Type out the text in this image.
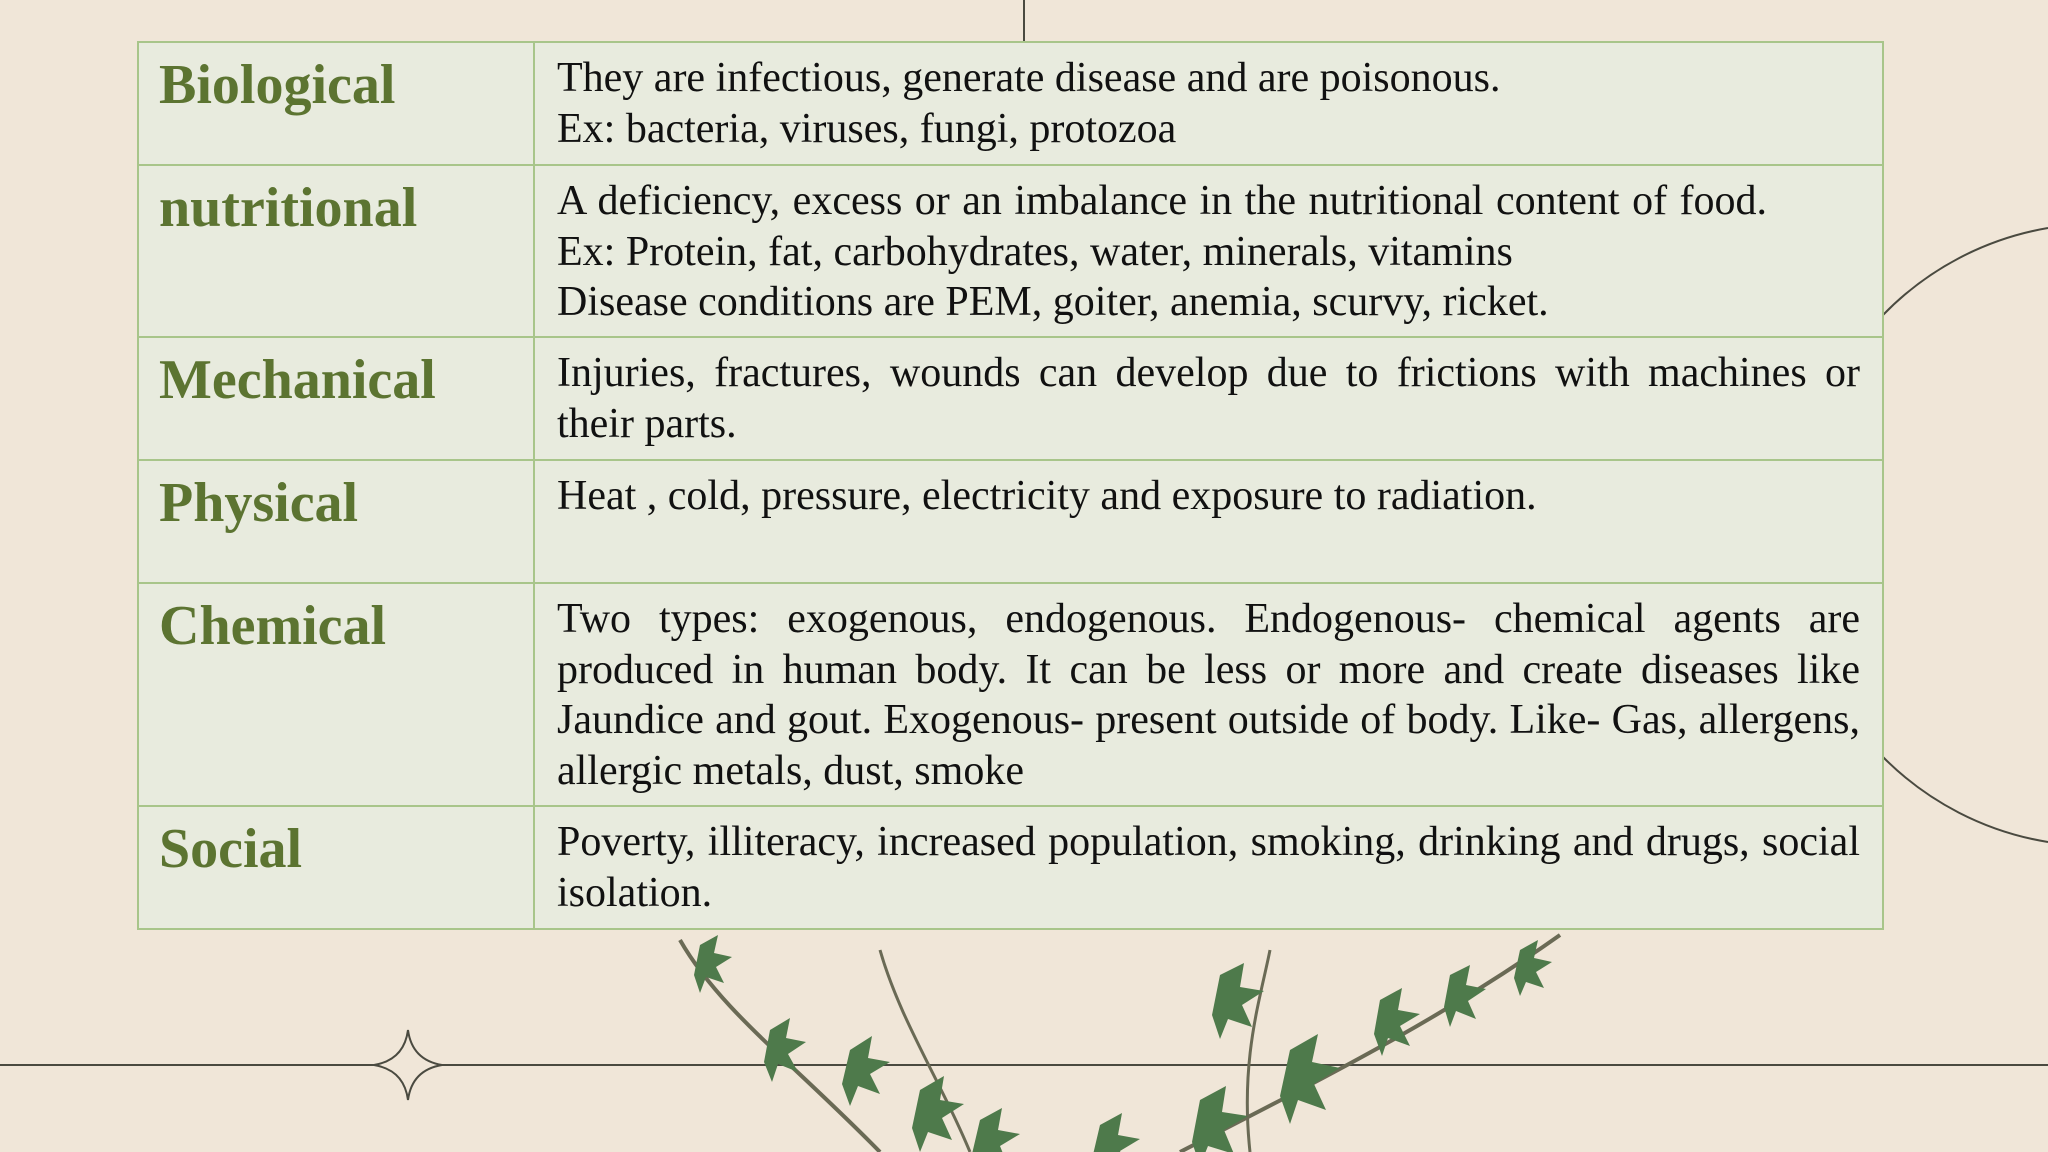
Biological	They are infectious, generate disease and are poisonous.
Ex: bacteria, viruses, fungi, protozoa

nutritional	A deficiency, excess or an imbalance in the nutritional content of food.
Ex: Protein, fat, carbohydrates, water, minerals, vitamins
Disease conditions are PEM, goiter, anemia, scurvy, ricket.

Mechanical	Injuries, fractures, wounds can develop due to frictions with machines or their parts.
Physical	Heat , cold, pressure, electricity and exposure to radiation.
Chemical	Two types: exogenous, endogenous. Endogenous- chemical agents are produced in human body. It can be less or more and create diseases like Jaundice and gout. Exogenous- present outside of body. Like- Gas, allergens, allergic metals, dust, smoke
Social	Poverty, illiteracy, increased population, smoking, drinking and drugs, social isolation.
